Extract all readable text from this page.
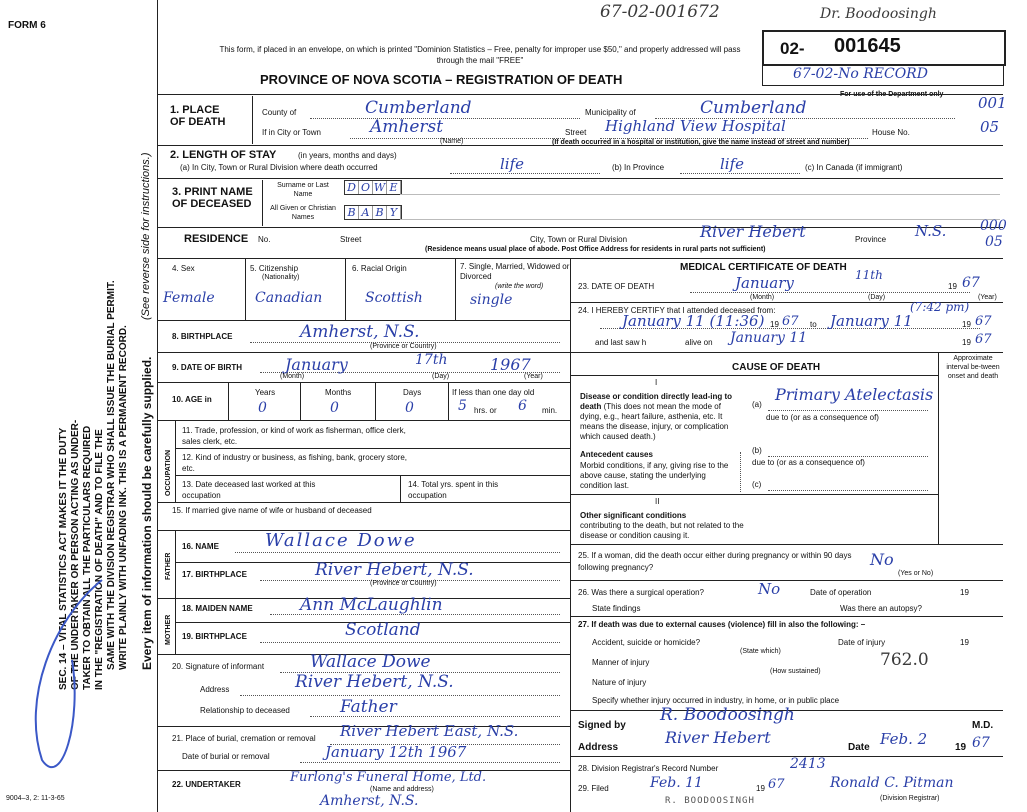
FORM 6
67-02-001672	Dr. Boodoosingh
This form, if placed in an envelope, on which is printed "Dominion Statistics – Free, penalty for improper use $50," and properly addressed will pass through the mail "FREE"
PROVINCE OF NOVA SCOTIA – REGISTRATION OF DEATH
02- 001645
67-02-No RECORD
SEC. 14 – VITAL STATISTICS ACT MAKES IT THE DUTY OF THE UNDERTAKER OR PERSON ACTING AS UNDER- TAKER TO OBTAIN ALL THE PARTICULARS REQUIRED IN THE "REGISTRATION OF DEATH" AND TO FILE THE SAME WITH THE DIVISION REGISTRAR WHO SHALL ISSUE THE BURIAL PERMIT. WRITE PLAINLY WITH UNFADING INK. THIS IS A PERMANENT RECORD. Every item of information should be carefully supplied.
(See reverse side for instructions.)
1. PLACE OF DEATH
County of	Cumberland	Municipality of	Cumberland	001
If in City or Town	Amherst
(Name)
Street Highland View Hospital	House No.	05
(If death occurred in a hospital or institution, give the name instead of street and number)
2. LENGTH OF STAY	(in years, months and days)
(a) In City, Town or Rural Division where death occurred	life	(b) In Province	life	(c) In Canada (if immigrant)
3. PRINT NAME OF DECEASED
Surname or Last Name
D O W E
All Given or Christian Names	B A B Y
RESIDENCE No.	Street	City, Town or Rural Division	River Hebert	Province N.S. 000
05
(Residence means usual place of abode. Post Office Address for residents in rural parts not sufficient)
4. Sex
Female
5. Citizenship
(Nationality)
Canadian
6. Racial Origin
Scottish
7. Single, Married, Widowed or Divorced
(write the word)
single
8. BIRTHPLACE	Amherst, N.S.
(Province or Country)
9. DATE OF BIRTH	January	17th	1967
(Month)	(Day)	(Year)
10. AGE in
Years	Months	Days	If less than one day old
0	0	0	5 hrs. or 6 min.
OCCUPATION
11. Trade, profession, or kind of work as fisherman, office clerk, sales clerk, etc.
12. Kind of industry or business, as fishing, bank, grocery store, etc.
13. Date deceased last worked at this occupation
14. Total yrs. spent in this occupation
15. If married give name of wife or husband of deceased
FATHER
16. NAME	Wallace Dowe
17. BIRTHPLACE	River Hebert, N.S.
(Province or Country)
MOTHER
18. MAIDEN NAME	Ann McLaughlin
19. BIRTHPLACE	Scotland
20. Signature of informant	Wallace Dowe
Address	River Hebert, N.S.
Relationship to deceased	Father
21. Place of burial, cremation or removal River Hebert East, N.S.
Date of burial or removal	January 12th 1967
22. UNDERTAKER	Furlong's Funeral Home, Ltd.
(Name and address)
Amherst, N.S.
9004–3, 2: 11-3-65
MEDICAL CERTIFICATE OF DEATH
23. DATE OF DEATH	January	11th
19 67
(Month)	(Day)	(Year)
24. I HEREBY CERTIFY that I attended deceased from:	(7:42 pm)
January 11 (11:36) 19 67 to January 11	19 67
and last saw h	alive on January 11	19 67
CAUSE OF DEATH
Approximate interval be-tween onset and death
I
Disease or condition directly lead-ing to death (This does not mean the mode of dying, e.g., heart failure, asthenia, etc. It means the disease, injury, or complication which caused death.)
(a)
Primary Atelectasis
due to (or as a consequence of)
Antecedent causes
Morbid conditions, if any, giving rise to the above cause, stating the underlying condition last.
(b)
due to (or as a consequence of)
(c)
II
Other significant conditions
contributing to the death, but not related to the disease or condition causing it.
25. If a woman, did the death occur either during pregnancy or within 90 days following pregnancy?	No
(Yes or No)
26. Was there a surgical operation?	No	Date of operation	19
State findings	Was there an autopsy?
27. If death was due to external causes (violence) fill in also the following: –
Accident, suicide or homicide?
(State which)
Date of injury	19
Manner of injury	762.0
(How sustained)
Nature of injury
Specify whether injury occurred in industry, in home, or in public place
Signed by
R. Boodoosingh
M.D.
Address
River Hebert
Date Feb. 2	19 67
28. Division Registrar's Record Number	2413
29. Filed	Feb. 11	19 67	Ronald C. Pitman
(Division Registrar)
R. BOODOOSINGH
